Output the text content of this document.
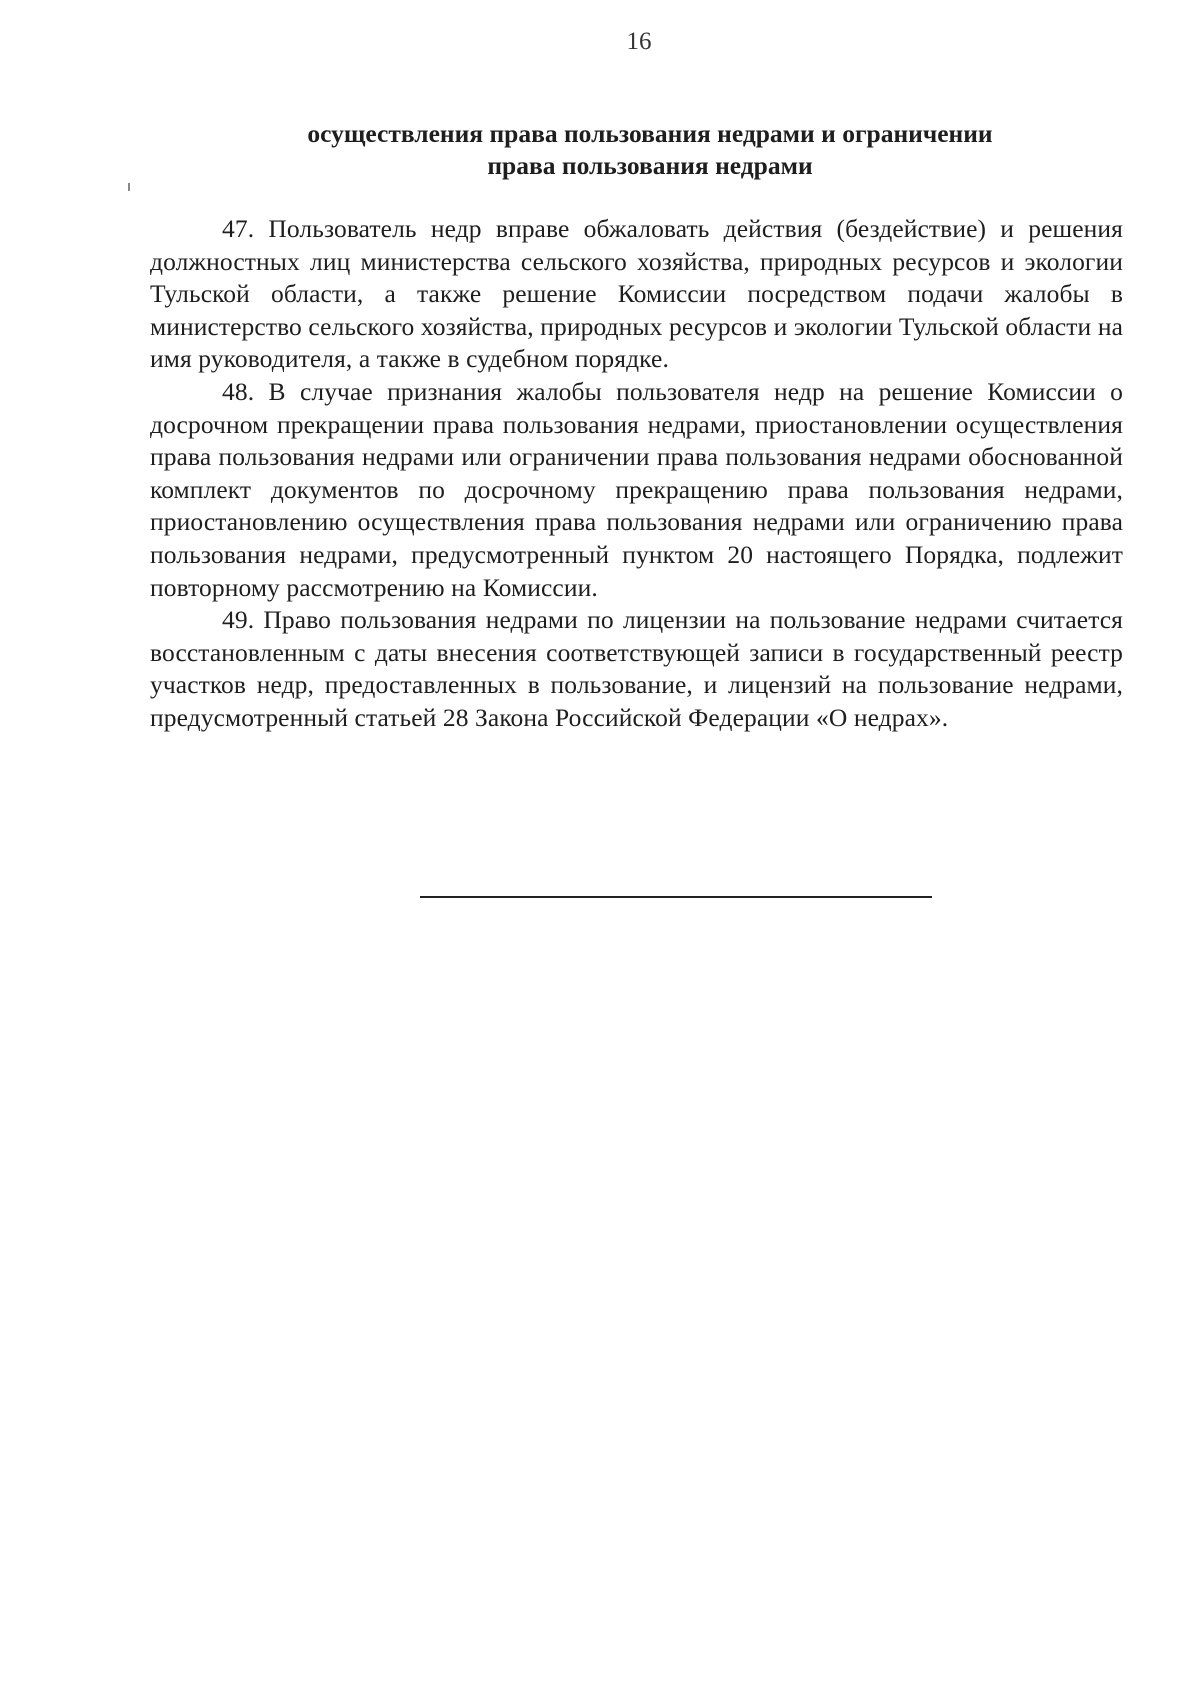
16
осуществления права пользования недрами и ограничении
права пользования недрами

47. Пользователь недр вправе обжаловать действия (бездействие) и решения должностных лиц министерства сельского хозяйства, природных ресурсов и экологии Тульской области, а также решение Комиссии посредством подачи жалобы в министерство сельского хозяйства, природных ресурсов и экологии Тульской области на имя руководителя, а также в судебном порядке.

48. В случае признания жалобы пользователя недр на решение Комиссии о досрочном прекращении права пользования недрами, приостановлении осуществления права пользования недрами или ограничении права пользования недрами обоснованной комплект документов по досрочному прекращению права пользования недрами, приостановлению осуществления права пользования недрами или ограничению права пользования недрами, предусмотренный пунктом 20 настоящего Порядка, подлежит повторному рассмотрению на Комиссии.

49. Право пользования недрами по лицензии на пользование недрами считается восстановленным с даты внесения соответствующей записи в государственный реестр участков недр, предоставленных в пользование, и лицензий на пользование недрами, предусмотренный статьей 28 Закона Российской Федерации «О недрах».
